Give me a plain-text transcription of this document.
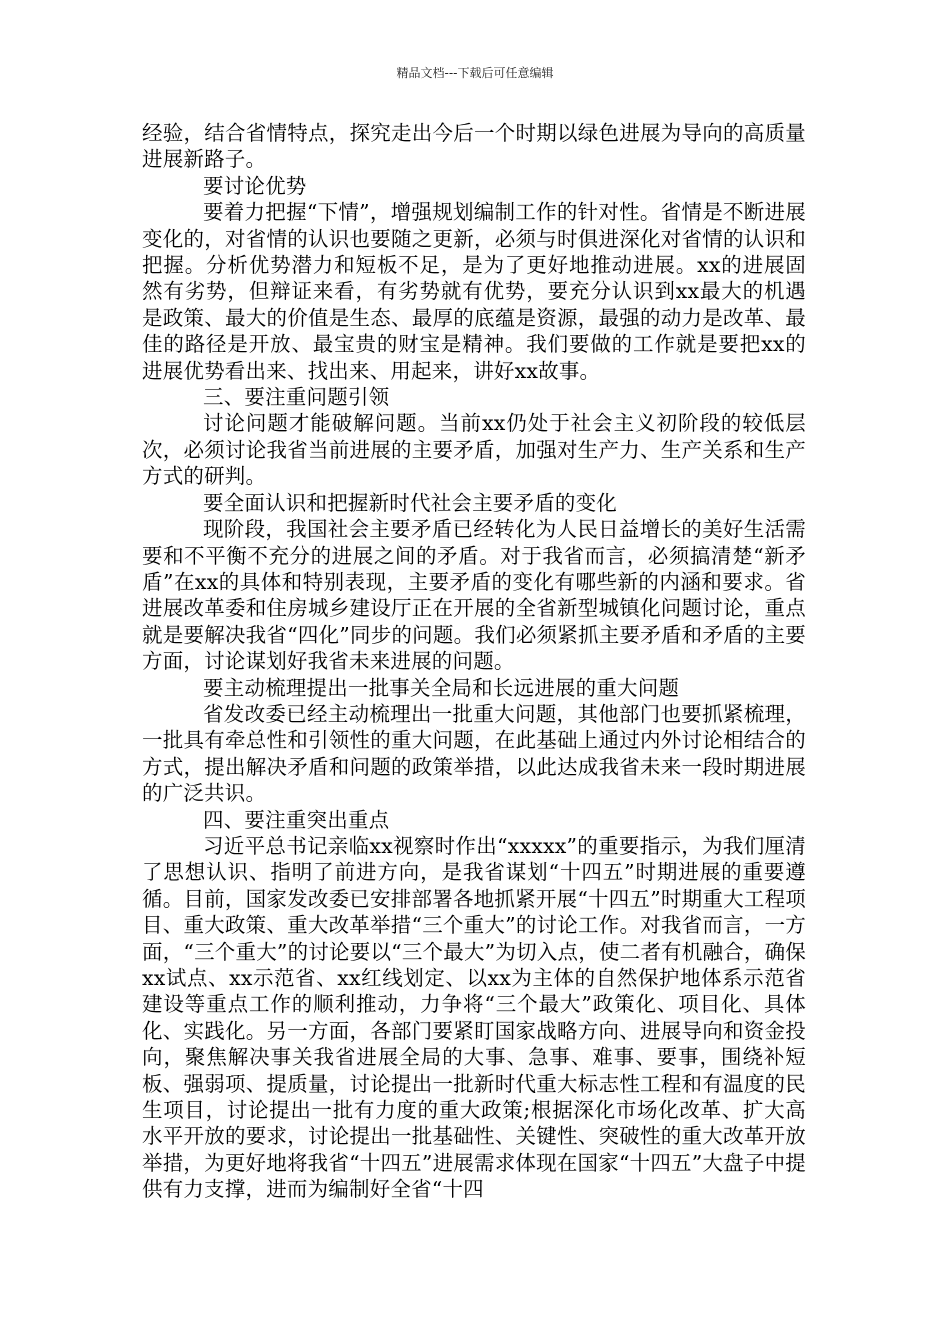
精品文档---下载后可任意编辑

经验，结合省情特点，探究走出今后一个时期以绿色进展为导向的高质量进展新路子。

要讨论优势

要着力把握“下情”，增强规划编制工作的针对性。省情是不断进展变化的，对省情的认识也要随之更新，必须与时俱进深化对省情的认识和把握。分析优势潜力和短板不足，是为了更好地推动进展。xx的进展固然有劣势，但辩证来看，有劣势就有优势，要充分认识到xx最大的机遇是政策、最大的价值是生态、最厚的底蕴是资源，最强的动力是改革、最佳的路径是开放、最宝贵的财宝是精神。我们要做的工作就是要把xx的进展优势看出来、找出来、用起来，讲好xx故事。

三、要注重问题引领

讨论问题才能破解问题。当前xx仍处于社会主义初阶段的较低层次，必须讨论我省当前进展的主要矛盾，加强对生产力、生产关系和生产方式的研判。

要全面认识和把握新时代社会主要矛盾的变化

现阶段，我国社会主要矛盾已经转化为人民日益增长的美好生活需要和不平衡不充分的进展之间的矛盾。对于我省而言，必须搞清楚“新矛盾”在xx的具体和特别表现，主要矛盾的变化有哪些新的内涵和要求。省进展改革委和住房城乡建设厅正在开展的全省新型城镇化问题讨论，重点就是要解决我省“四化”同步的问题。我们必须紧抓主要矛盾和矛盾的主要方面，讨论谋划好我省未来进展的问题。

要主动梳理提出一批事关全局和长远进展的重大问题

省发改委已经主动梳理出一批重大问题，其他部门也要抓紧梳理，一批具有牵总性和引领性的重大问题，在此基础上通过内外讨论相结合的方式，提出解决矛盾和问题的政策举措，以此达成我省未来一段时期进展的广泛共识。

四、要注重突出重点

习近平总书记亲临xx视察时作出“xxxxx”的重要指示，为我们厘清了思想认识、指明了前进方向，是我省谋划“十四五”时期进展的重要遵循。目前，国家发改委已安排部署各地抓紧开展“十四五”时期重大工程项目、重大政策、重大改革举措“三个重大”的讨论工作。对我省而言，一方面，“三个重大”的讨论要以“三个最大”为切入点，使二者有机融合，确保xx试点、xx示范省、xx红线划定、以xx为主体的自然保护地体系示范省建设等重点工作的顺利推动，力争将“三个最大”政策化、项目化、具体化、实践化。另一方面，各部门要紧盯国家战略方向、进展导向和资金投向，聚焦解决事关我省进展全局的大事、急事、难事、要事，围绕补短板、强弱项、提质量，讨论提出一批新时代重大标志性工程和有温度的民生项目，讨论提出一批有力度的重大政策;根据深化市场化改革、扩大高水平开放的要求，讨论提出一批基础性、关键性、突破性的重大改革开放举措，为更好地将我省“十四五”进展需求体现在国家“十四五”大盘子中提供有力支撑，进而为编制好全省“十四
